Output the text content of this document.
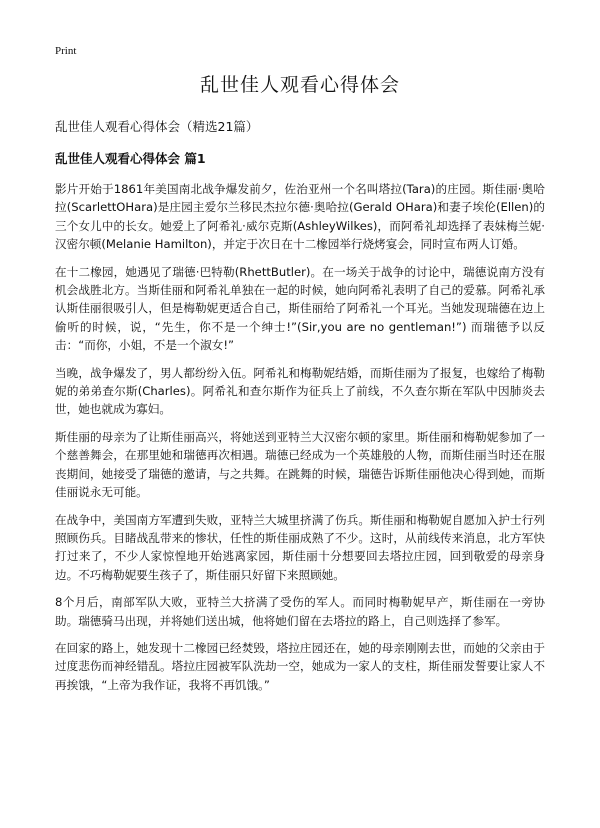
Print
乱世佳人观看心得体会

乱世佳人观看心得体会（精选21篇）

乱世佳人观看心得体会 篇1

影片开始于1861年美国南北战争爆发前夕，佐治亚州一个名叫塔拉(Tara)的庄园。斯佳丽·奥哈拉(ScarlettOHara)是庄园主爱尔兰移民杰拉尔德·奥哈拉(Gerald OHara)和妻子埃伦(Ellen)的三个女儿中的长女。她爱上了阿希礼·威尔克斯(AshleyWilkes)，而阿希礼却选择了表妹梅兰妮·汉密尔顿(Melanie Hamilton)，并定于次日在十二橡园举行烧烤宴会，同时宣布两人订婚。

在十二橡园，她遇见了瑞德·巴特勒(RhettButler)。在一场关于战争的讨论中，瑞德说南方没有机会战胜北方。当斯佳丽和阿希礼单独在一起的时候，她向阿希礼表明了自己的爱慕。阿希礼承认斯佳丽很吸引人，但是梅勒妮更适合自己，斯佳丽给了阿希礼一个耳光。当她发现瑞德在边上偷听的时候，说，“先生，你不是一个绅士!”(Sir,you are no gentleman!”) 而瑞德予以反击：“而你，小姐，不是一个淑女!”

当晚，战争爆发了，男人都纷纷入伍。阿希礼和梅勒妮结婚，而斯佳丽为了报复，也嫁给了梅勒妮的弟弟查尔斯(Charles)。阿希礼和查尔斯作为征兵上了前线，不久查尔斯在军队中因肺炎去世，她也就成为寡妇。

斯佳丽的母亲为了让斯佳丽高兴，将她送到亚特兰大汉密尔顿的家里。斯佳丽和梅勒妮参加了一个慈善舞会，在那里她和瑞德再次相遇。瑞德已经成为一个英雄般的人物，而斯佳丽当时还在服丧期间，她接受了瑞德的邀请，与之共舞。在跳舞的时候，瑞德告诉斯佳丽他决心得到她，而斯佳丽说永无可能。

在战争中，美国南方军遭到失败，亚特兰大城里挤满了伤兵。斯佳丽和梅勒妮自愿加入护士行列照顾伤兵。目睹战乱带来的惨状，任性的斯佳丽成熟了不少。这时，从前线传来消息，北方军快打过来了，不少人家惊惶地开始逃离家园，斯佳丽十分想要回去塔拉庄园，回到敬爱的母亲身边。不巧梅勒妮要生孩子了，斯佳丽只好留下来照顾她。

8个月后，南部军队大败，亚特兰大挤满了受伤的军人。而同时梅勒妮早产，斯佳丽在一旁协助。瑞德骑马出现，并将她们送出城，他将她们留在去塔拉的路上，自己则选择了参军。

在回家的路上，她发现十二橡园已经焚毁，塔拉庄园还在，她的母亲刚刚去世，而她的父亲由于过度悲伤而神经错乱。塔拉庄园被军队洗劫一空，她成为一家人的支柱，斯佳丽发誓要让家人不再挨饿，“上帝为我作证，我将不再饥饿。”
